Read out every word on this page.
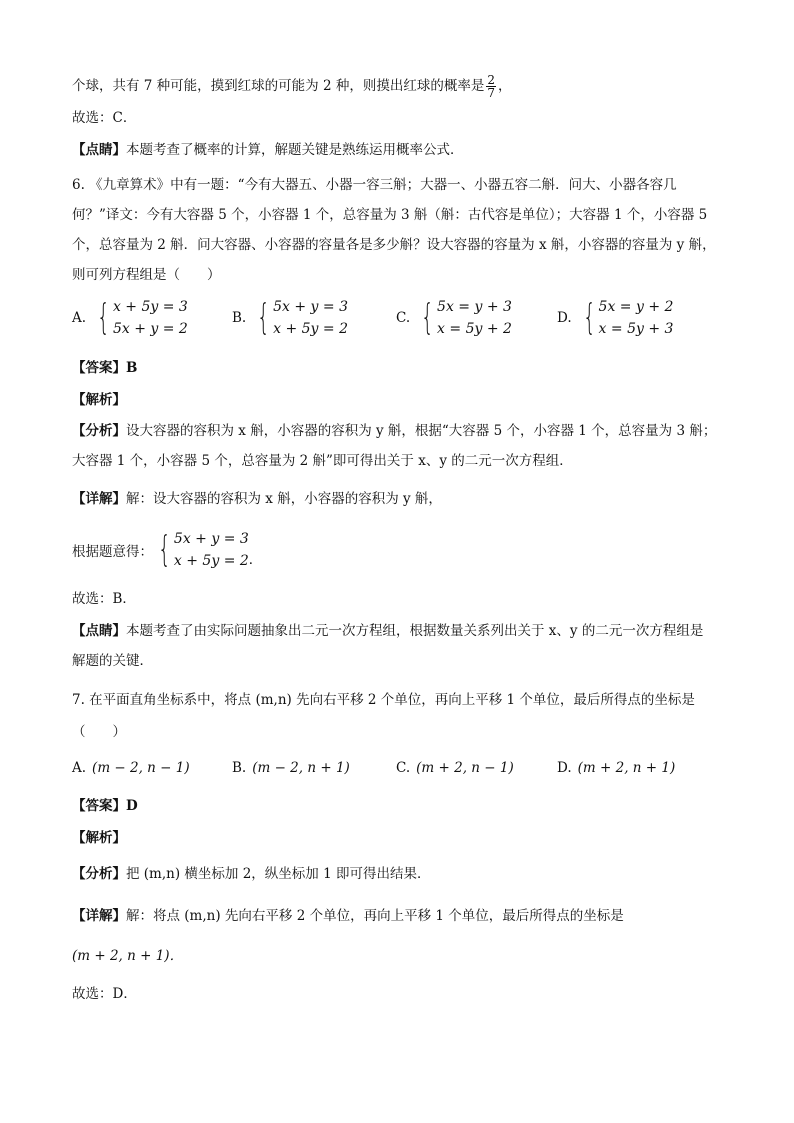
个球，共有 7 种可能，摸到红球的可能为 2 种，则摸出红球的概率是 $\frac{2}{7}$ ，
故选：C．
【点睛】本题考查了概率的计算，解题关键是熟练运用概率公式．
6. 《九章算术》中有一题：“今有大器五、小器一容三斛；大器一、小器五容二斛．问大、小器各容几
何？”译文：今有大容器 5 个，小容器 1 个，总容量为 3 斛（斛：古代容是单位）；大容器 1 个，小容器 5
个，总容量为 2 斛．问大容器、小容器的容量各是多少斛？设大容器的容量为 x 斛，小容器的容量为 y 斛，
则可列方程组是（　　）
A. { x + 5y = 3
5x + y = 2
B. { 5x + y = 3
x + 5y = 2
C. { 5x = y + 3
x = 5y + 2
D. { 5x = y + 2
x = 5y + 3
【答案】B
【解析】
【分析】设大容器的容积为 x 斛，小容器的容积为 y 斛，根据“大容器 5 个，小容器 1 个，总容量为 3 斛；
大容器 1 个，小容器 5 个，总容量为 2 斛”即可得出关于 x、y 的二元一次方程组．
【详解】解：设大容器的容积为 x 斛，小容器的容积为 y 斛，
根据题意得： { 5x + y = 3
x + 5y = 2 ．
故选：B．
【点睛】本题考查了由实际问题抽象出二元一次方程组，根据数量关系列出关于 x、y 的二元一次方程组是
解题的关键．
7. 在平面直角坐标系中，将点 (m,n) 先向右平移 2 个单位，再向上平移 1 个单位，最后所得点的坐标是
（　　）
A. (m − 2, n − 1)	B. (m − 2, n + 1)	C. (m + 2, n − 1)	D. (m + 2, n + 1)
【答案】D
【解析】
【分析】把 (m,n) 横坐标加 2，纵坐标加 1 即可得出结果．
【详解】解：将点 (m,n) 先向右平移 2 个单位，再向上平移 1 个单位，最后所得点的坐标是
(m + 2, n + 1)．
故选：D．
